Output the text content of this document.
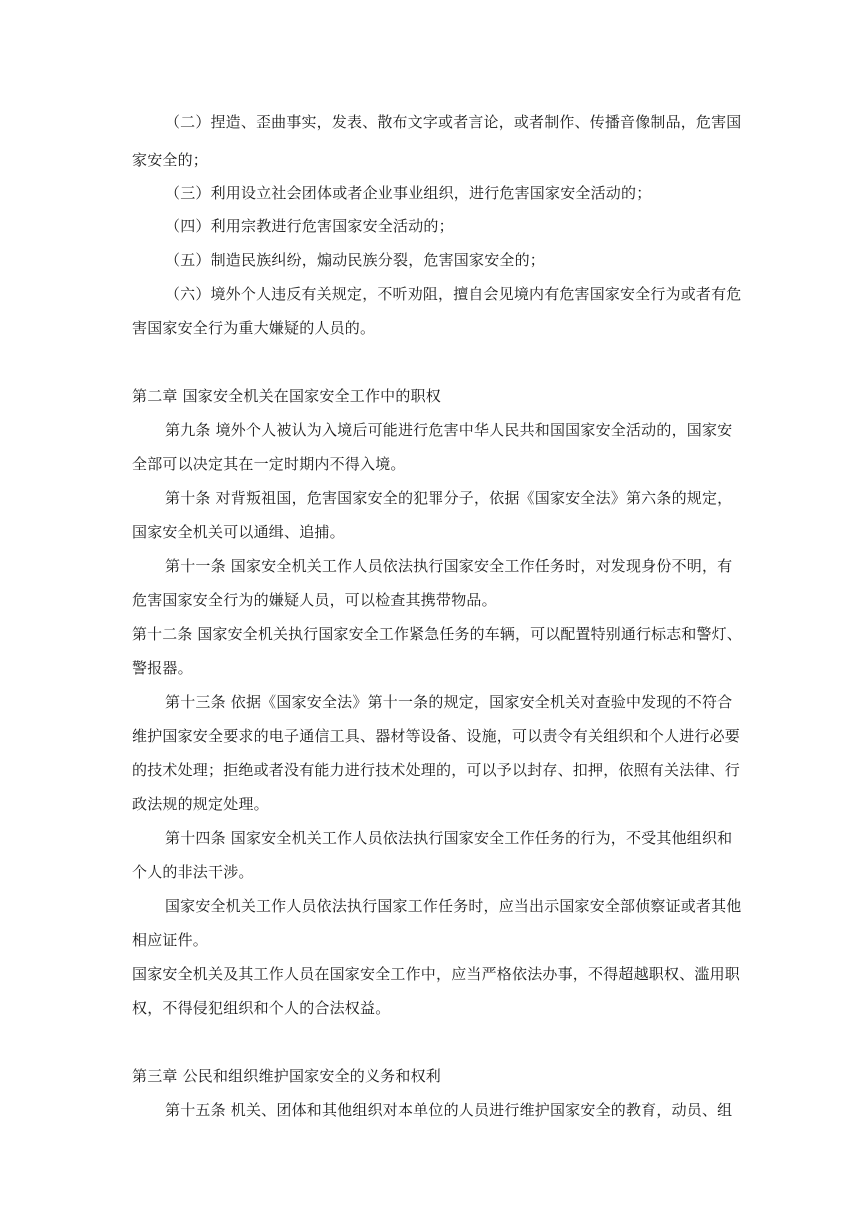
（二）捏造、歪曲事实，发表、散布文字或者言论，或者制作、传播音像制品，危害国
家安全的；
（三）利用设立社会团体或者企业事业组织，进行危害国家安全活动的；
（四）利用宗教进行危害国家安全活动的；
（五）制造民族纠纷，煽动民族分裂，危害国家安全的；
（六）境外个人违反有关规定，不听劝阻，擅自会见境内有危害国家安全行为或者有危
害国家安全行为重大嫌疑的人员的。
第二章 国家安全机关在国家安全工作中的职权
第九条 境外个人被认为入境后可能进行危害中华人民共和国国家安全活动的，国家安
全部可以决定其在一定时期内不得入境。
第十条 对背叛祖国，危害国家安全的犯罪分子，依据《国家安全法》第六条的规定，
国家安全机关可以通缉、追捕。
第十一条 国家安全机关工作人员依法执行国家安全工作任务时，对发现身份不明，有
危害国家安全行为的嫌疑人员，可以检查其携带物品。
第十二条 国家安全机关执行国家安全工作紧急任务的车辆，可以配置特别通行标志和警灯、
警报器。
第十三条 依据《国家安全法》第十一条的规定，国家安全机关对查验中发现的不符合
维护国家安全要求的电子通信工具、器材等设备、设施，可以责令有关组织和个人进行必要
的技术处理；拒绝或者没有能力进行技术处理的，可以予以封存、扣押，依照有关法律、行
政法规的规定处理。
第十四条 国家安全机关工作人员依法执行国家安全工作任务的行为，不受其他组织和
个人的非法干涉。
国家安全机关工作人员依法执行国家工作任务时，应当出示国家安全部侦察证或者其他
相应证件。
国家安全机关及其工作人员在国家安全工作中，应当严格依法办事，不得超越职权、滥用职
权，不得侵犯组织和个人的合法权益。
第三章 公民和组织维护国家安全的义务和权利
第十五条 机关、团体和其他组织对本单位的人员进行维护国家安全的教育，动员、组
